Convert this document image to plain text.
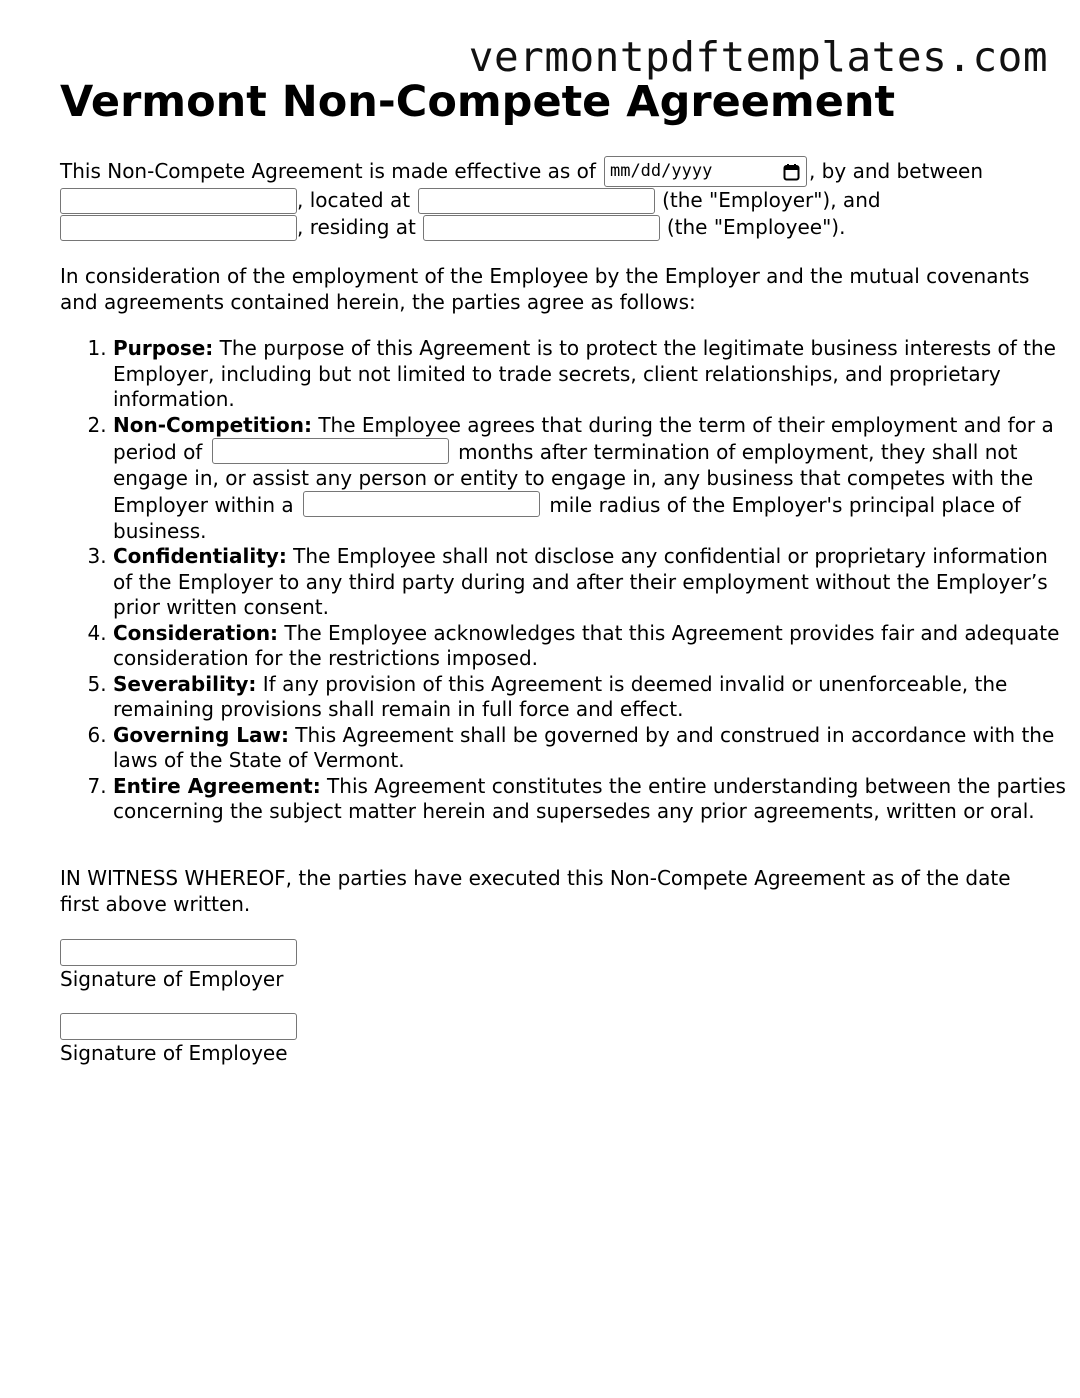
vermontpdftemplates.com
Vermont Non-Compete Agreement
This Non-Compete Agreement is made effective as of mm/dd/yyyy	, by and between
, located at	(the "Employer"), and
, residing at	(the "Employee").

In consideration of the employment of the Employee by the Employer and the mutual covenants and agreements contained herein, the parties agree as follows:

1. Purpose: The purpose of this Agreement is to protect the legitimate business interests of the Employer, including but not limited to trade secrets, client relationships, and proprietary information.
2. Non-Competition: The Employee agrees that during the term of their employment and for a period of	months after termination of employment, they shall not engage in, or assist any person or entity to engage in, any business that competes with the Employer within a	mile radius of the Employer's principal place of business.
3. Confidentiality: The Employee shall not disclose any confidential or proprietary information of the Employer to any third party during and after their employment without the Employer’s prior written consent.
4. Consideration: The Employee acknowledges that this Agreement provides fair and adequate consideration for the restrictions imposed.
5. Severability: If any provision of this Agreement is deemed invalid or unenforceable, the remaining provisions shall remain in full force and effect.
6. Governing Law: This Agreement shall be governed by and construed in accordance with the laws of the State of Vermont.
7. Entire Agreement: This Agreement constitutes the entire understanding between the parties concerning the subject matter herein and supersedes any prior agreements, written or oral.

IN WITNESS WHEREOF, the parties have executed this Non-Compete Agreement as of the date first above written.

Signature of Employer
Signature of Employee
